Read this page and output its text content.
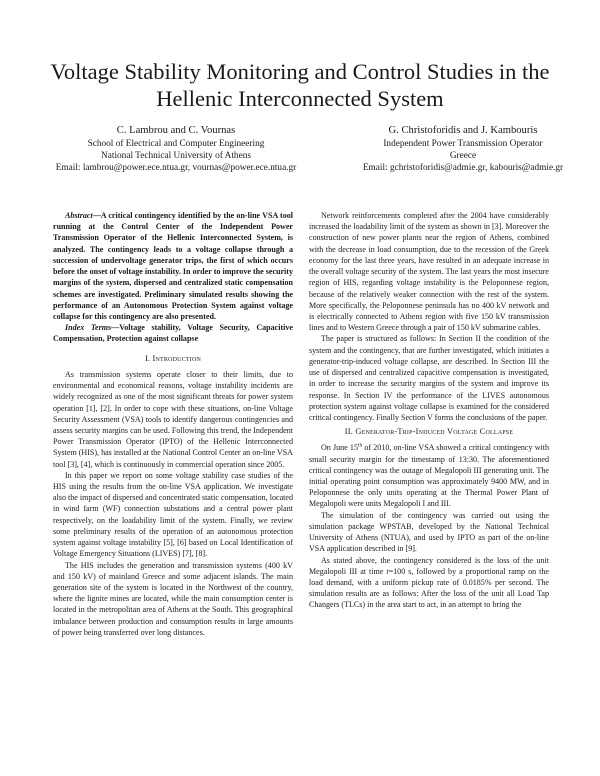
Voltage Stability Monitoring and Control Studies in the Hellenic Interconnected System
C. Lambrou and C. Vournas
School of Electrical and Computer Engineering
National Technical University of Athens
Email: lambrou@power.ece.ntua.gr, vournas@power.ece.ntua.gr
G. Christoforidis and J. Kambouris
Independent Power Transmission Operator
Greece
Email: gchristoforidis@admie.gr, kabouris@admie.gr

Abstract—A critical contingency identified by the on-line VSA tool running at the Control Center of the Independent Power Transmission Operator of the Hellenic Interconnected System, is analyzed. The contingency leads to a voltage collapse through a succession of undervoltage generator trips, the first of which occurs before the onset of voltage instability. In order to improve the security margins of the system, dispersed and centralized static compensation schemes are investigated. Preliminary simulated results showing the performance of an Autonomous Protection System against voltage collapse for this contingency are also presented.

Index Terms—Voltage stability, Voltage Security, Capacitive Compensation, Protection against collapse

I. Introduction

As transmission systems operate closer to their limits, due to environmental and economical reasons, voltage instability incidents are widely recognized as one of the most significant threats for power system operation [1], [2]. In order to cope with these situations, on-line Voltage Security Assessment (VSA) tools to identify dangerous contingencies and assess security margins can be used. Following this trend, the Independent Power Transmission Operator (IPTO) of the Hellenic Interconnected System (HIS), has installed at the National Control Center an on-line VSA tool [3], [4], which is continuously in commercial operation since 2005.

In this paper we report on some voltage stability case studies of the HIS using the results from the on-line VSA application. We investigate also the impact of dispersed and concentrated static compensation, located in wind farm (WF) connection substations and a central power plant respectively, on the loadability limit of the system. Finally, we review some preliminary results of the operation of an autonomous protection system against voltage instability [5], [6] based on Local Identification of Voltage Emergency Situations (LIVES) [7], [8].

The HIS includes the generation and transmission systems (400 kV and 150 kV) of mainland Greece and some adjacent islands. The main generation site of the system is located in the Northwest of the country, where the lignite mines are located, while the main consumption center is located in the metropolitan area of Athens at the South. This geographical imbalance between production and consumption results in large amounts of power being transferred over long distances.

Network reinforcements completed after the 2004 have considerably increased the loadability limit of the system as shown in [3]. Moreover the construction of new power plants near the region of Athens, combined with the decrease in load consumption, due to the recession of the Greek economy for the last three years, have resulted in an adequate increase in the overall voltage security of the system. The last years the most insecure region of HIS, regarding voltage instability is the Peloponnese region, because of the relatively weaker connection with the rest of the system. More specifically, the Peloponnese peninsula has no 400 kV network and is electrically connected to Athens region with five 150 kV transmission lines and to Western Greece through a pair of 150 kV submarine cables.

The paper is structured as follows: In Section II the condition of the system and the contingency, that are further investigated, which initiates a generator-trip-induced voltage collapse, are described. In Section III the use of dispersed and centralized capacitive compensation is investigated, in order to increase the security margins of the system and improve its response. In Section IV the performance of the LIVES autonomous protection system against voltage collapse is examined for the considered critical contingency. Finally Section V forms the conclusions of the paper.

II. Generator-Trip-Induced Voltage Collapse

On June 15th of 2010, on-line VSA showed a critical contingency with small security margin for the timestamp of 13:30. The aforementioned critical contingency was the outage of Megalopoli III generating unit. The initial operating point consumption was approximately 9400 MW, and in Peloponnese the only units operating at the Thermal Power Plant of Megalopoli were units Megalopoli I and III.

The simulation of the contingency was carried out using the simulation package WPSTAB, developed by the National Technical University of Athens (NTUA), and used by IPTO as part of the on-line VSA application described in [9].

As stated above, the contingency considered is the loss of the unit Megalopoli III at time t=100 s, followed by a proportional ramp on the load demand, with a uniform pickup rate of 0.0185% per second. The simulation results are as follows: After the loss of the unit all Load Tap Changers (TLCs) in the area start to act, in an attempt to bring the
